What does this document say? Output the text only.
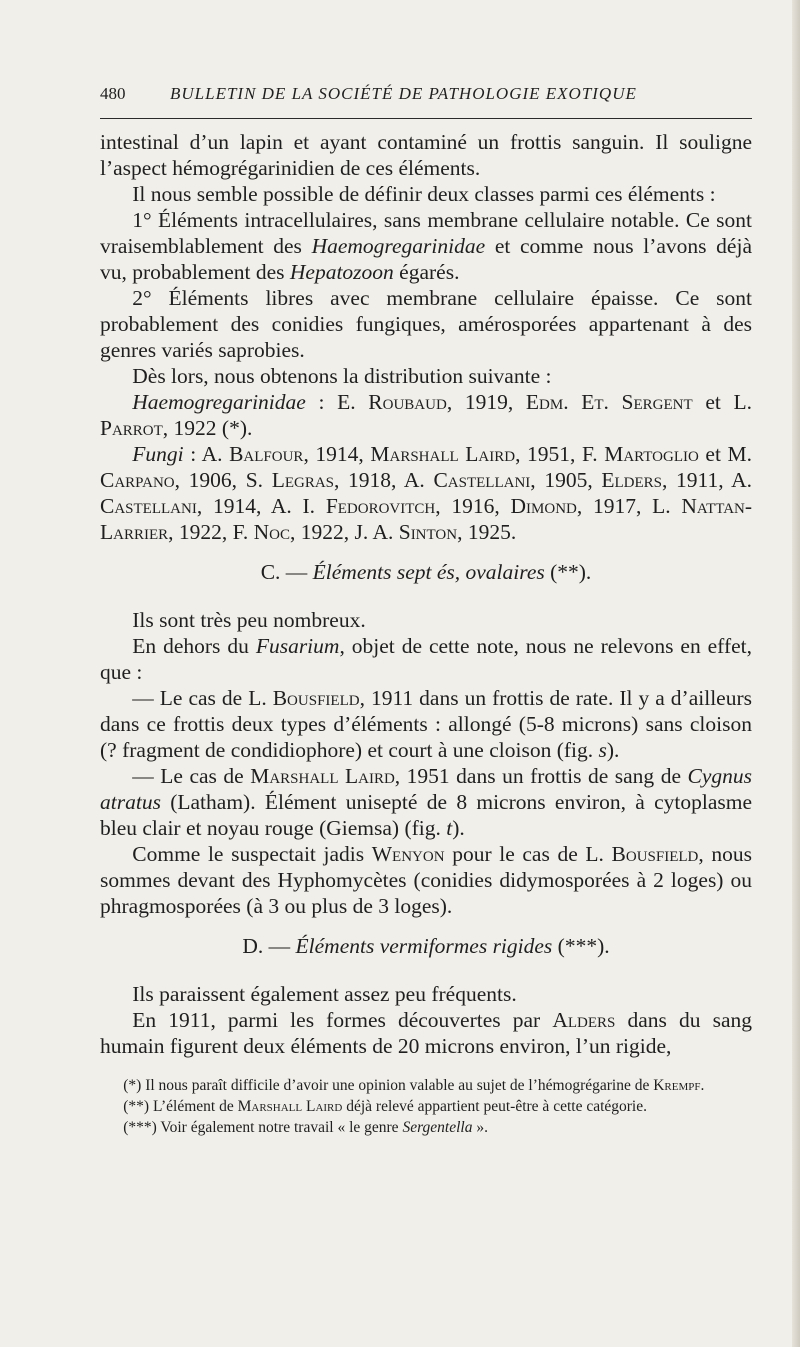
480	BULLETIN DE LA SOCIÉTÉ DE PATHOLOGIE EXOTIQUE

intestinal d’un lapin et ayant contaminé un frottis sanguin. Il souligne l’aspect hémogrégarinidien de ces éléments.

Il nous semble possible de définir deux classes parmi ces éléments :

1° Éléments intracellulaires, sans membrane cellulaire notable. Ce sont vraisemblablement des Haemogregarinidae et comme nous l’avons déjà vu, probablement des Hepatozoon égarés.

2° Éléments libres avec membrane cellulaire épaisse. Ce sont probablement des conidies fungiques, amérosporées appartenant à des genres variés saprobies.

Dès lors, nous obtenons la distribution suivante :

Haemogregarinidae : E. Roubaud, 1919, Edm. Et. Sergent et L. Parrot, 1922 (*).

Fungi : A. Balfour, 1914, Marshall Laird, 1951, F. Martoglio et M. Carpano, 1906, S. Legras, 1918, A. Castellani, 1905, Elders, 1911, A. Castellani, 1914, A. I. Fedorovitch, 1916, Dimond, 1917, L. Nattan-Larrier, 1922, F. Noc, 1922, J. A. Sinton, 1925.

C. — Éléments sept és, ovalaires (**).

Ils sont très peu nombreux.

En dehors du Fusarium, objet de cette note, nous ne relevons en effet, que :

— Le cas de L. Bousfield, 1911 dans un frottis de rate. Il y a d’ailleurs dans ce frottis deux types d’éléments : allongé (5-8 microns) sans cloison (? fragment de condidiophore) et court à une cloison (fig. s).

— Le cas de Marshall Laird, 1951 dans un frottis de sang de Cygnus atratus (Latham). Élément unisepté de 8 microns environ, à cytoplasme bleu clair et noyau rouge (Giemsa) (fig. t).

Comme le suspectait jadis Wenyon pour le cas de L. Bousfield, nous sommes devant des Hyphomycètes (conidies didymosporées à 2 loges) ou phragmosporées (à 3 ou plus de 3 loges).

D. — Éléments vermiformes rigides (***).

Ils paraissent également assez peu fréquents.

En 1911, parmi les formes découvertes par Alders dans du sang humain figurent deux éléments de 20 microns environ, l’un rigide,

(*) Il nous paraît difficile d’avoir une opinion valable au sujet de l’hémogrégarine de Krempf.

(**) L’élément de Marshall Laird déjà relevé appartient peut-être à cette catégorie.

(***) Voir également notre travail « le genre Sergentella ».
